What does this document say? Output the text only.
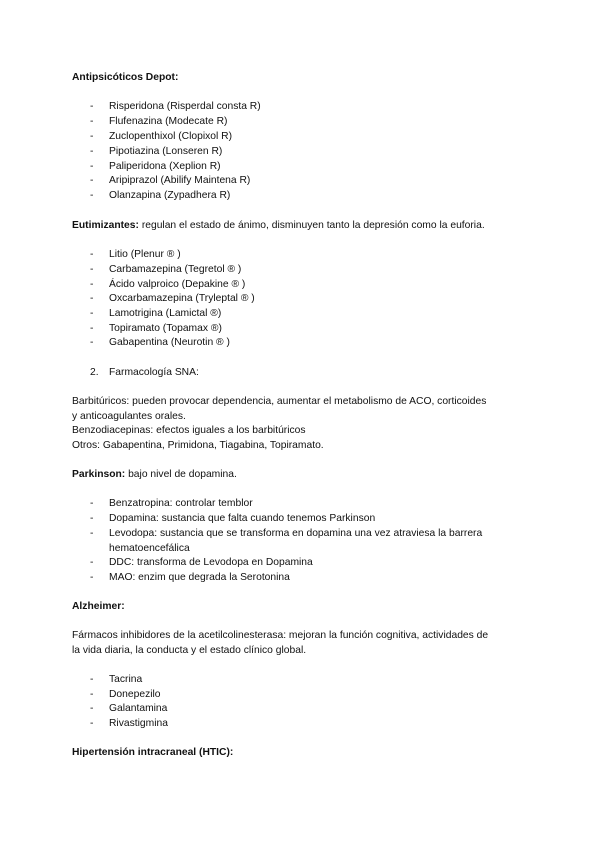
Antipsicóticos Depot:
- Risperidona (Risperdal consta R)
- Flufenazina (Modecate R)
- Zuclopenthixol (Clopixol R)
- Pipotiazina (Lonseren R)
- Paliperidona (Xeplion R)
- Aripiprazol (Abilify Maintena R)
- Olanzapina (Zypadhera R)
Eutimizantes: regulan el estado de ánimo, disminuyen tanto la depresión como la euforia.
- Litio (Plenur ® )
- Carbamazepina (Tegretol ® )
- Ácido valproico (Depakine ® )
- Oxcarbamazepina (Tryleptal ® )
- Lamotrigina (Lamictal ®)
- Topiramato (Topamax ®)
- Gabapentina (Neurotin ® )
2. Farmacología SNA:
Barbitúricos: pueden provocar dependencia, aumentar el metabolismo de ACO, corticoides
y anticoagulantes orales.
Benzodiacepinas: efectos iguales a los barbitúricos
Otros: Gabapentina, Primidona, Tiagabina, Topiramato.
Parkinson: bajo nivel de dopamina.
- Benzatropina: controlar temblor
- Dopamina: sustancia que falta cuando tenemos Parkinson
- Levodopa: sustancia que se transforma en dopamina una vez atraviesa la barrera hematoencefálica
- DDC: transforma de Levodopa en Dopamina
- MAO: enzim que degrada la Serotonina
Alzheimer:
Fármacos inhibidores de la acetilcolinesterasa: mejoran la función cognitiva, actividades de
la vida diaria, la conducta y el estado clínico global.
- Tacrina
- Donepezilo
- Galantamina
- Rivastigmina
Hipertensión intracraneal (HTIC):
